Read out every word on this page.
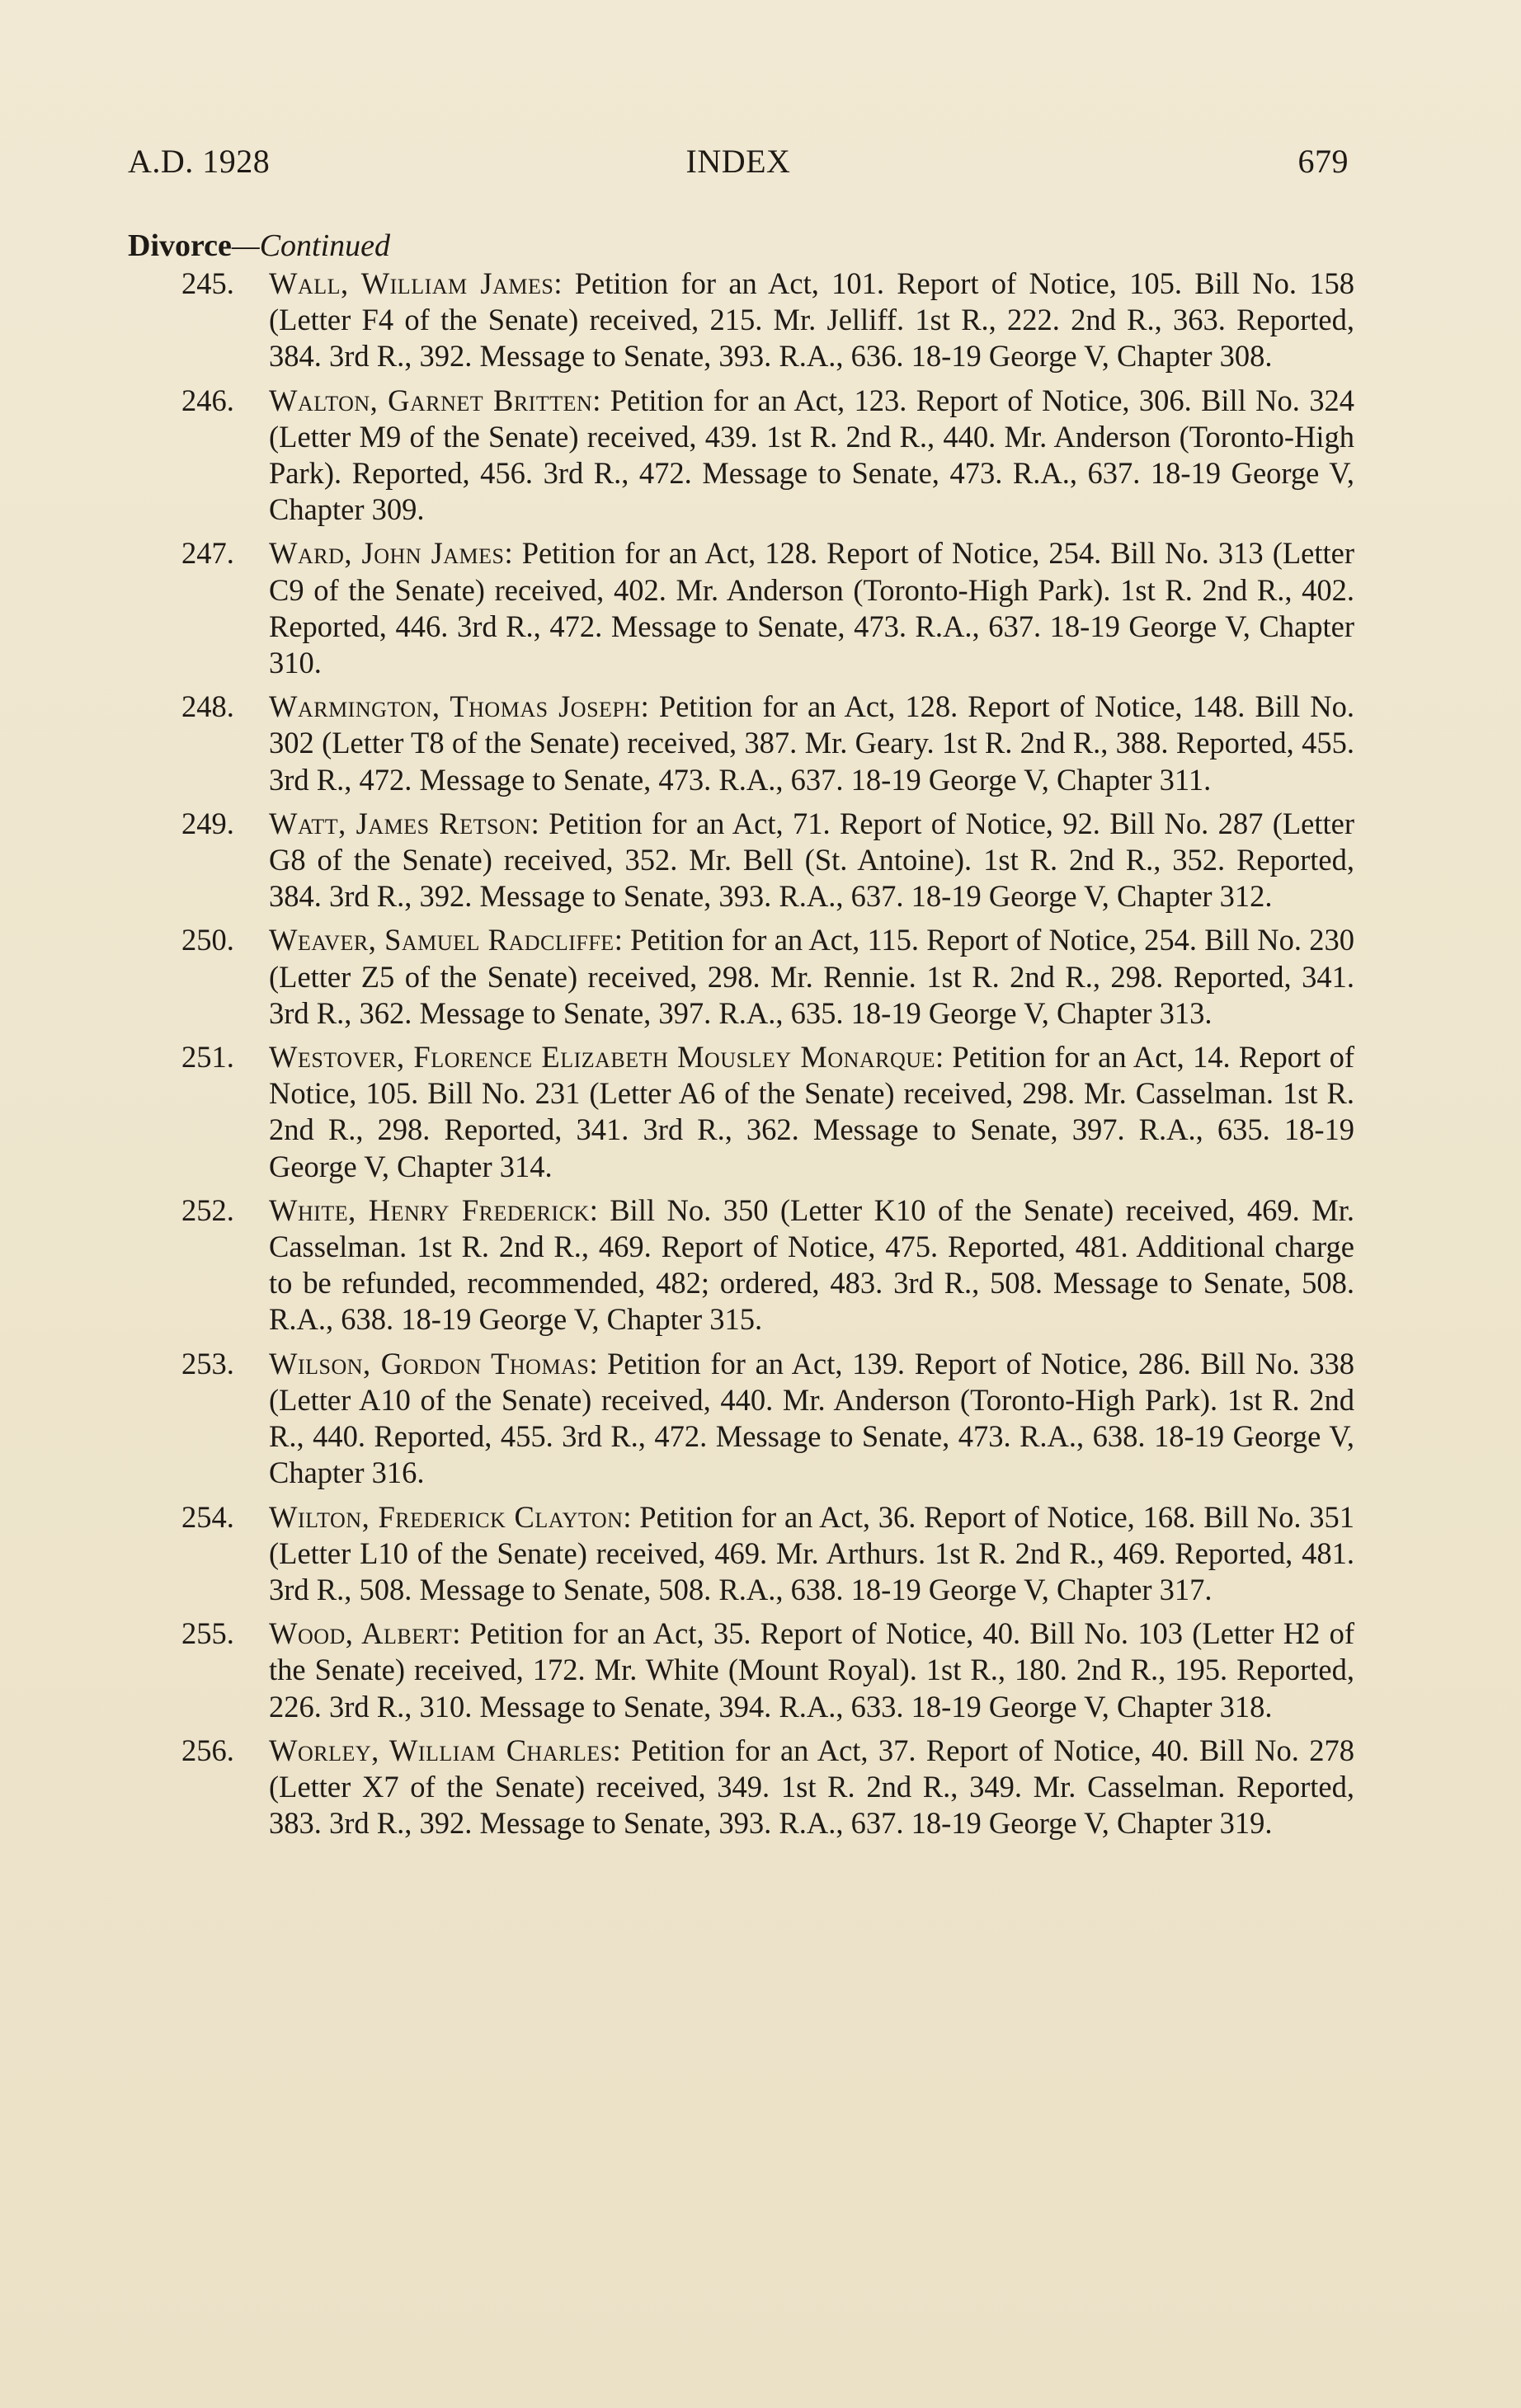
A.D. 1928	INDEX	679
Divorce—Continued
245.	Wall, William James: Petition for an Act, 101. Report of Notice, 105. Bill No. 158 (Letter F4 of the Senate) received, 215. Mr. Jelliff. 1st R., 222. 2nd R., 363. Reported, 384. 3rd R., 392. Message to Senate, 393. R.A., 636. 18-19 George V, Chapter 308.
246.	Walton, Garnet Britten: Petition for an Act, 123. Report of Notice, 306. Bill No. 324 (Letter M9 of the Senate) received, 439. 1st R. 2nd R., 440. Mr. Anderson (Toronto-High Park). Reported, 456. 3rd R., 472. Message to Senate, 473. R.A., 637. 18-19 George V, Chapter 309.
247.	Ward, John James: Petition for an Act, 128. Report of Notice, 254. Bill No. 313 (Letter C9 of the Senate) received, 402. Mr. Anderson (Toronto-High Park). 1st R. 2nd R., 402. Reported, 446. 3rd R., 472. Message to Senate, 473. R.A., 637. 18-19 George V, Chapter 310.
248.	Warmington, Thomas Joseph: Petition for an Act, 128. Report of Notice, 148. Bill No. 302 (Letter T8 of the Senate) received, 387. Mr. Geary. 1st R. 2nd R., 388. Reported, 455. 3rd R., 472. Message to Senate, 473. R.A., 637. 18-19 George V, Chapter 311.
249.	Watt, James Retson: Petition for an Act, 71. Report of Notice, 92. Bill No. 287 (Letter G8 of the Senate) received, 352. Mr. Bell (St. Antoine). 1st R. 2nd R., 352. Reported, 384. 3rd R., 392. Message to Senate, 393. R.A., 637. 18-19 George V, Chapter 312.
250.	Weaver, Samuel Radcliffe: Petition for an Act, 115. Report of Notice, 254. Bill No. 230 (Letter Z5 of the Senate) received, 298. Mr. Rennie. 1st R. 2nd R., 298. Reported, 341. 3rd R., 362. Message to Senate, 397. R.A., 635. 18-19 George V, Chapter 313.
251.	Westover, Florence Elizabeth Mousley Monarque: Petition for an Act, 14. Report of Notice, 105. Bill No. 231 (Letter A6 of the Senate) received, 298. Mr. Casselman. 1st R. 2nd R., 298. Reported, 341. 3rd R., 362. Message to Senate, 397. R.A., 635. 18-19 George V, Chapter 314.
252.	White, Henry Frederick: Bill No. 350 (Letter K10 of the Senate) received, 469. Mr. Casselman. 1st R. 2nd R., 469. Report of Notice, 475. Reported, 481. Additional charge to be refunded, recommended, 482; ordered, 483. 3rd R., 508. Message to Senate, 508. R.A., 638. 18-19 George V, Chapter 315.
253.	Wilson, Gordon Thomas: Petition for an Act, 139. Report of Notice, 286. Bill No. 338 (Letter A10 of the Senate) received, 440. Mr. Anderson (Toronto-High Park). 1st R. 2nd R., 440. Reported, 455. 3rd R., 472. Message to Senate, 473. R.A., 638. 18-19 George V, Chapter 316.
254.	Wilton, Frederick Clayton: Petition for an Act, 36. Report of Notice, 168. Bill No. 351 (Letter L10 of the Senate) received, 469. Mr. Arthurs. 1st R. 2nd R., 469. Reported, 481. 3rd R., 508. Message to Senate, 508. R.A., 638. 18-19 George V, Chapter 317.
255.	Wood, Albert: Petition for an Act, 35. Report of Notice, 40. Bill No. 103 (Letter H2 of the Senate) received, 172. Mr. White (Mount Royal). 1st R., 180. 2nd R., 195. Reported, 226. 3rd R., 310. Message to Senate, 394. R.A., 633. 18-19 George V, Chapter 318.
256.	Worley, William Charles: Petition for an Act, 37. Report of Notice, 40. Bill No. 278 (Letter X7 of the Senate) received, 349. 1st R. 2nd R., 349. Mr. Casselman. Reported, 383. 3rd R., 392. Message to Senate, 393. R.A., 637. 18-19 George V, Chapter 319.
